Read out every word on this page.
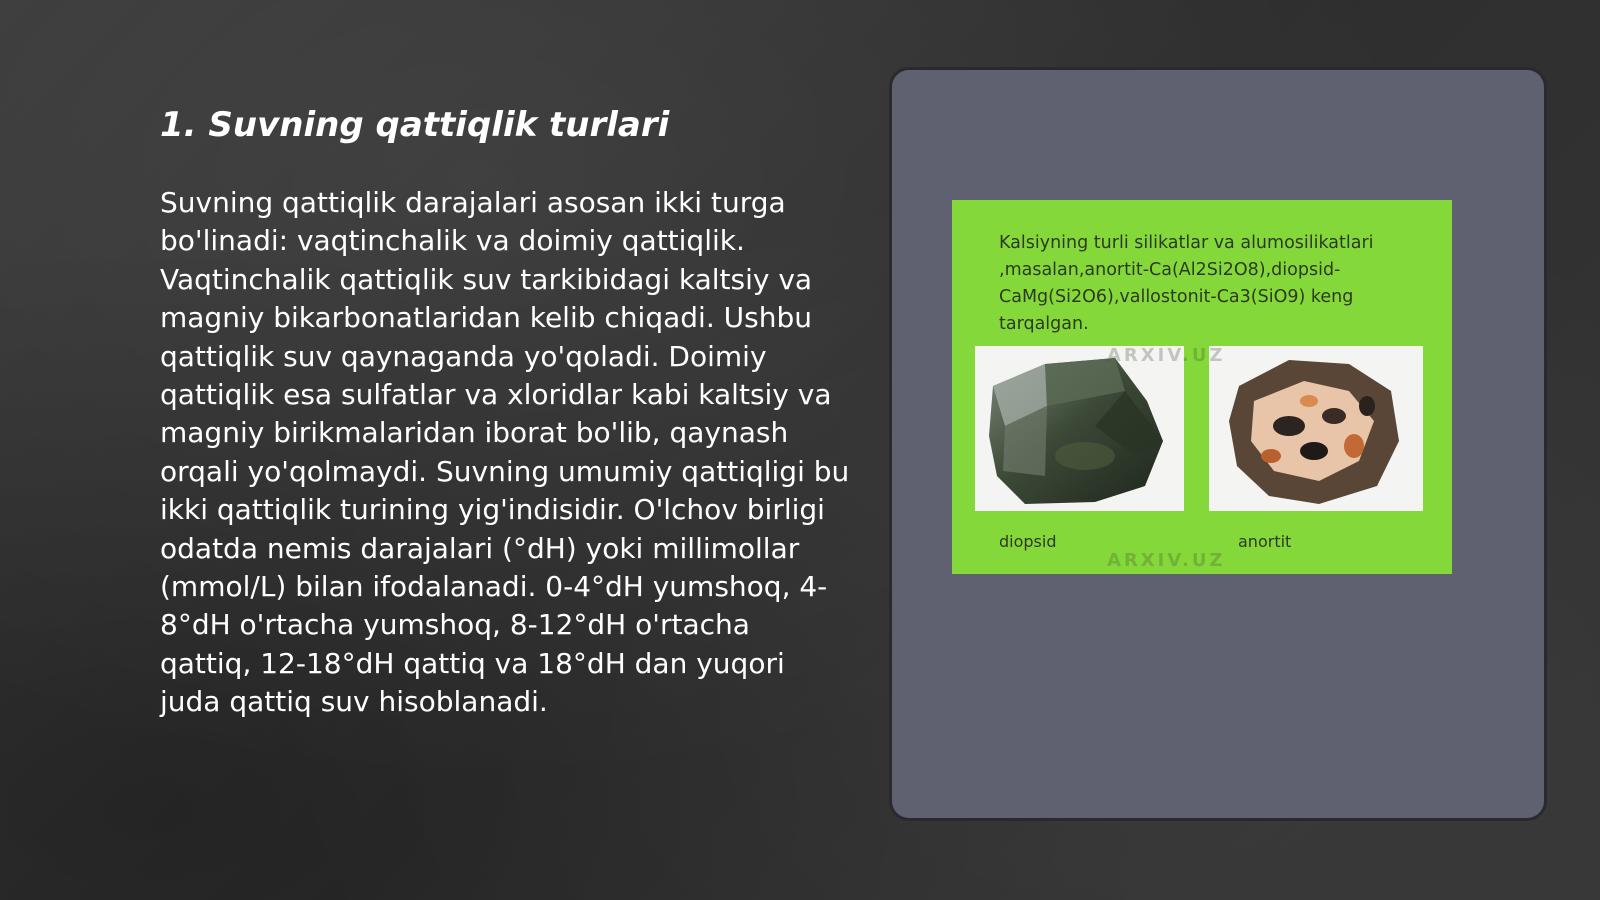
1. Suvning qattiqlik turlari

Suvning qattiqlik darajalari asosan ikki turga bo'linadi: vaqtinchalik va doimiy qattiqlik. Vaqtinchalik qattiqlik suv tarkibidagi kaltsiy va magniy bikarbonatlaridan kelib chiqadi. Ushbu qattiqlik suv qaynaganda yo'qoladi. Doimiy qattiqlik esa sulfatlar va xloridlar kabi kaltsiy va magniy birikmalaridan iborat bo'lib, qaynash orqali yo'qolmaydi. Suvning umumiy qattiqligi bu ikki qattiqlik turining yig'indisidir. O'lchov birligi odatda nemis darajalari (°dH) yoki millimollar (mmol/L) bilan ifodalanadi. 0-4°dH yumshoq, 4-8°dH o'rtacha yumshoq, 8-12°dH o'rtacha qattiq, 12-18°dH qattiq va 18°dH dan yuqori juda qattiq suv hisoblanadi.

Kalsiyning turli silikatlar va alumosilikatlari ,masalan,anortit-Ca(Al2Si2O8),diopsid-CaMg(Si2O6),vallostonit-Ca3(SiO9) keng tarqalgan.

diopsid	anortit

ARXIV.UZ
ARXIV.UZ
